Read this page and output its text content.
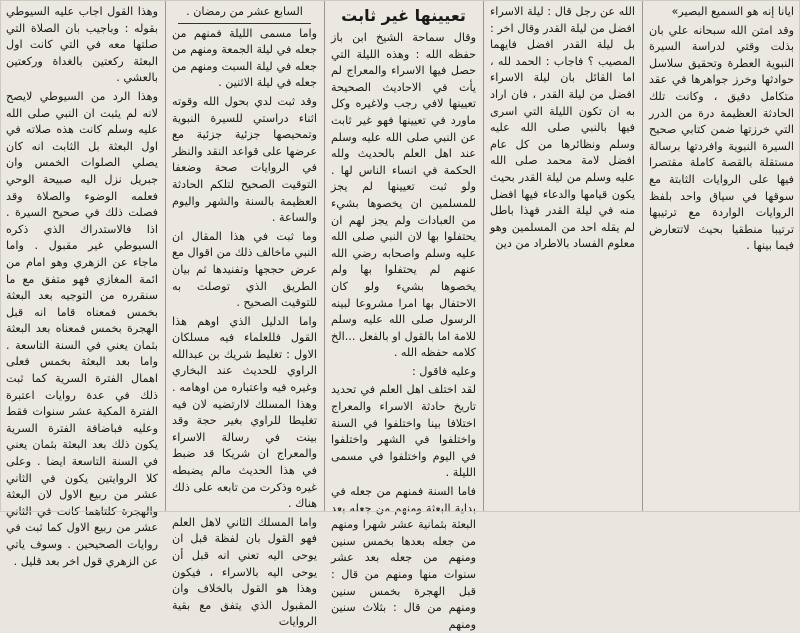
ايانا إنه هو السميع البصير»

وقد امتن الله سبحانه علي بان بذلت وقتي لدراسة السيرة النبوية العطرة وتحقيق سلاسل حوادثها وخرز جواهرها في عقد متكامل دقيق ، وكانت تلك الحادثة العظيمة درة من الدرر التي خرزتها ضمن كتابي صحيح السيرة النبوية وافردتها برسالة مستقلة بالقصة كاملة مقتصرا فيها على الروايات الثابتة مع سوقها في سياق واحد بلفظ الروايات الواردة مع ترتيبها ترتيبا منطقيا بحيث لاتتعارض فيما بينها .

الله عن رجل قال : ليلة الاسراء افضل من ليلة القدر وقال اخر : بل ليلة القدر افضل فايهما المصيب ؟ فاجاب : الحمد لله ، اما القائل بان ليلة الاسراء افضل من ليلة القدر ، فان اراد به ان تكون الليلة التي اسرى فيها بالنبي صلى الله عليه وسلم ونظائرها من كل عام افضل لامة محمد صلى الله عليه وسلم من ليلة القدر بحيث يكون قيامها والدعاء فيها افضل منه في ليلة القدر فهذا باطل لم يقله احد من المسلمين وهو معلوم الفساد بالاطراد من دين

تعيينها غير ثابت

وقال سماحة الشيخ ابن باز حفظه الله : وهذه الليلة التي حصل فيها الاسراء والمعراج لم يأت في الاحاديث الصحيحة تعيينها لافي رجب ولاغيره وكل ماورد في تعيينها فهو غير ثابت عن النبي صلى الله عليه وسلم عند اهل العلم بالحديث ولله الحكمة في انساء الناس لها . ولو ثبت تعيينها لم يجز للمسلمين ان يخصوها بشيء من العبادات ولم يجز لهم ان يحتفلوا بها لان النبي صلى الله عليه وسلم واصحابه رضي الله عنهم لم يحتفلوا بها ولم يخصوها بشيء ولو كان الاحتفال بها امرا مشروعا لبينه الرسول صلى الله عليه وسلم للامة اما بالقول او بالفعل ...الخ كلامه حفظه الله .

وعليه فاقول :

لقد اختلف اهل العلم في تحديد تاريخ حادثة الاسراء والمعراج اختلافا بينا واختلفوا في السنة واختلفوا في الشهر واختلفوا في اليوم واختلفوا في مسمى الليلة .

فاما السنة فمنهم من جعله في بداية البعثة ومنهم من جعله بعد البعثة بثمانية عشر شهرا ومنهم من جعله بعدها بخمس سنين ومنهم من جعله بعد عشر سنوات منها ومنهم من قال : قبل الهجرة بخمس سنين ومنهم من قال : بثلاث سنين ومنهم

السابع عشر من رمضان .

واما مسمى الليلة فمنهم من جعله في ليلة الجمعة ومنهم من جعله في ليلة السبت ومنهم من جعله في ليلة الاثنين .

وقد ثبت لدي بحول الله وقوته اثناء دراستي للسيرة النبوية وتمحيصها جزئية جزئية مع عرضها على قواعد النقد والنظر في الروايات صحة وضعفا التوقيت الصحيح لتلكم الحادثة العظيمة بالسنة والشهر واليوم والساعة .

وما ثبت في هذا المقال ان النبي ماخالف ذلك من اقوال مع عرض حججها وتفنيدها ثم بيان الطريق الذي توصلت به للتوقيت الصحيح .

واما الدليل الذي اوهم هذا القول فللعلماء فيه مسلكان الاول : تغليط شريك بن عبدالله الراوي للحديث عند البخاري وغيره فيه واعتباره من اوهامه . وهذا المسلك لاارتضيه لان فيه تغليطا للراوي بغير حجة وقد بينت في رسالة الاسراء والمعراج ان شريكا قد ضبط في هذا الحديث مالم يضبطه غيره وذكرت من تابعه على ذلك هناك .

واما المسلك الثاني لاهل العلم فهو القول بان لفظة قبل ان يوحى اليه تعني انه قبل أن يوحى اليه بالاسراء ، فيكون وهذا هو القول بالخلاف وان المقبول الذي يتفق مع بقية الروايات

وهذا القول اجاب عليه السيوطي بقوله : وباجيب بان الصلاة التي صلتها معه في التي كانت اول البعثة ركعتين بالغداة وركعتين بالعشي .

وهذا الرد من السيوطي لايصح لانه لم يثبت ان النبي صلى الله عليه وسلم كانت هذه صلاته في اول البعثة بل الثابت انه كان يصلي الصلوات الخمس وان جبريل نزل اليه صبيحة الوحي فعلمه الوضوء والصلاة وقد فصلت ذلك في صحيح السيرة . اذا فالاستدراك الذي ذكره السيوطي غير مقبول . واما ماجاء عن الزهري وهو امام من ائمة المغازي فهو متفق مع ما سنقرره من التوجيه بعد البعثة بخمس فمعناه قاما انه قبل الهجرة بخمس فمعناه بعد البعثة بثمان يعني في السنة التاسعة . واما بعد البعثة بخمس فعلى اهمال الفترة السرية كما ثبت ذلك في عدة روايات اعتبرة الفترة المكية عشر سنوات فقط وعليه فباضافة الفترة السرية يكون ذلك بعد البعثة بثمان يعني في السنة التاسعة ايضا . وعلى كلا الروايتين يكون في الثاني عشر من ربيع الاول لان البعثة والهجرة كلتاهما كانت في الثاني عشر من ربيع الاول كما ثبت في روايات الصحيحين . وسوف ياتي عن الزهري قول اخر بعد قليل .
